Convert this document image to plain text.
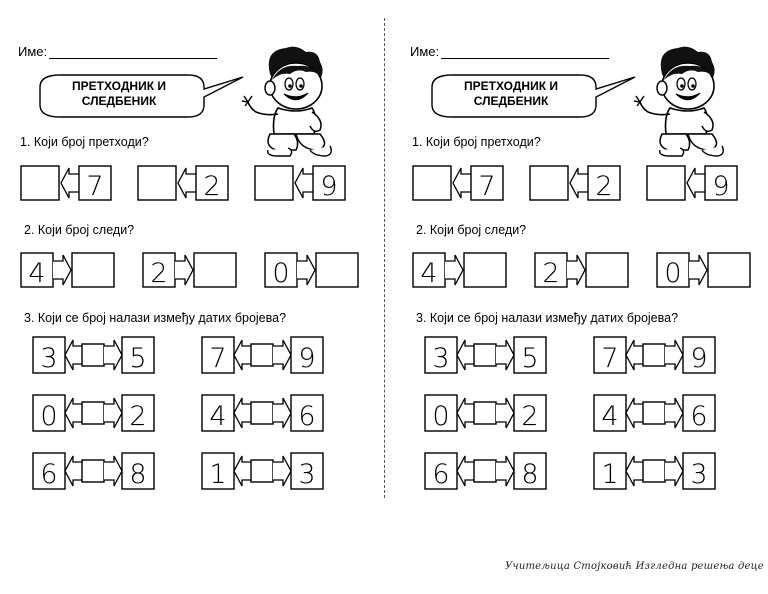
Име:
ПРЕТХОДНИК И
СЛЕДБЕНИК
1. Који број претходи?
7	2	9
2. Који број следи?
4	2	0
3. Који се број налази између датих бројева?
3	5 7	9
0	2 4	6
6	8 1	3
Име:
ПРЕТХОДНИК И
СЛЕДБЕНИК
1. Који број претходи?
7	2	9
2. Који број следи?
4	2	0
3. Који се број налази између датих бројева?
3	5 7	9
0	2 4	6
6	8 1	3
Учитељица Стојковић Изгледна решења деце
